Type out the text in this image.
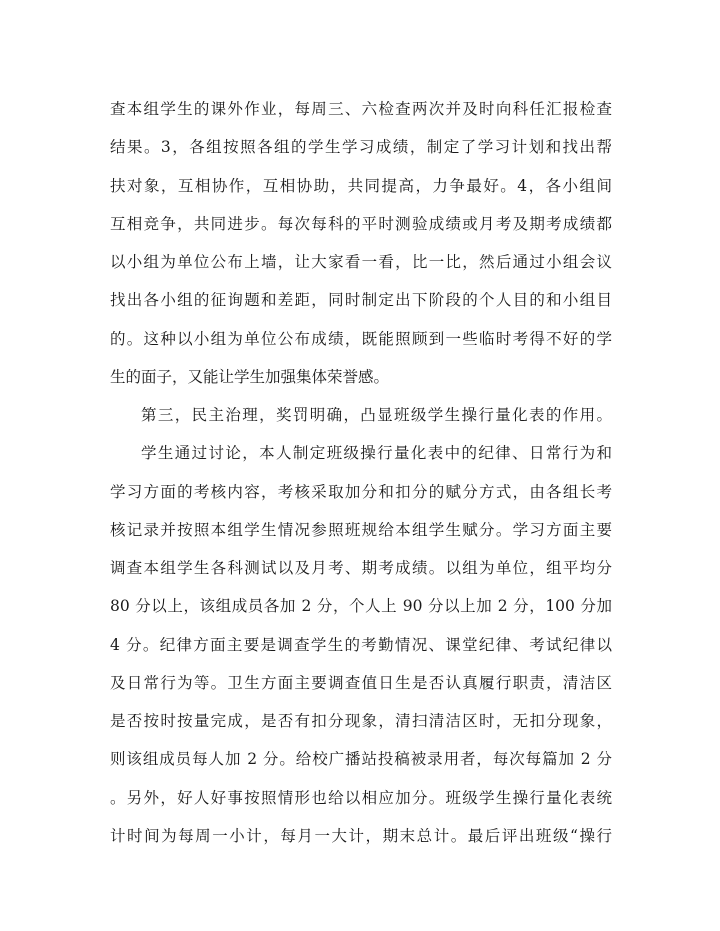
查本组学生的课外作业，每周三、六检查两次并及时向科任汇报检查
结果。3，各组按照各组的学生学习成绩，制定了学习计划和找出帮
扶对象，互相协作，互相协助，共同提高，力争最好。4，各小组间
互相竞争，共同进步。每次每科的平时测验成绩或月考及期考成绩都
以小组为单位公布上墙，让大家看一看，比一比，然后通过小组会议
找出各小组的征询题和差距，同时制定出下阶段的个人目的和小组目
的。这种以小组为单位公布成绩，既能照顾到一些临时考得不好的学
生的面子，又能让学生加强集体荣誉感。
第三，民主治理，奖罚明确，凸显班级学生操行量化表的作用。
学生通过讨论，本人制定班级操行量化表中的纪律、日常行为和
学习方面的考核内容，考核采取加分和扣分的赋分方式，由各组长考
核记录并按照本组学生情况参照班规给本组学生赋分。学习方面主要
调查本组学生各科测试以及月考、期考成绩。以组为单位，组平均分
80 分以上，该组成员各加 2 分，个人上 90 分以上加 2 分，100 分加
4 分。纪律方面主要是调查学生的考勤情况、课堂纪律、考试纪律以
及日常行为等。卫生方面主要调查值日生是否认真履行职责，清洁区
是否按时按量完成，是否有扣分现象，清扫清洁区时，无扣分现象，
则该组成员每人加 2 分。给校广播站投稿被录用者，每次每篇加 2 分
。另外，好人好事按照情形也给以相应加分。班级学生操行量化表统
计时间为每周一小计，每月一大计，期末总计。最后评出班级“操行
